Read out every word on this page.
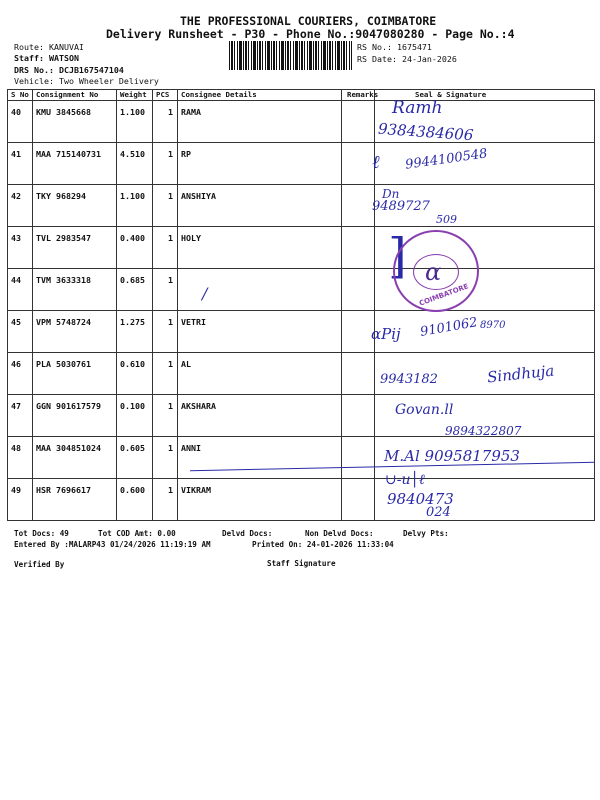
THE PROFESSIONAL COURIERS, COIMBATORE
Delivery Runsheet - P30 - Phone No.:9047080280 - Page No.:4
Route: KANUVAI
Staff: WATSON
DRS No.: DCJB167547104
Vehicle: Two Wheeler Delivery
RS No.: 1675471
RS Date: 24-Jan-2026
S No	Consignment No	Weight	PCS	Consignee Details	Remarks	Seal & Signature
40	KMU 3845668	1.100	1	RAMA		
41	MAA 715140731	4.510	1	RP		
42	TKY 968294	1.100	1	ANSHIYA		
43	TVL 2983547	0.400	1	HOLY		
44	TVM 3633318	0.685	1			
45	VPM 5748724	1.275	1	VETRI		
46	PLA 5030761	0.610	1	AL		
47	GGN 901617579	0.100	1	AKSHARA		
48	MAA 304851024	0.605	1	ANNI		
49	HSR 7696617	0.600	1	VIKRAM		
Ramh
9384384606
ℓ 9944100548
Dn
9489727
509
]
/
αPij 9101062 8970
9943182	Sindhuja
Govan.ll
9894322807
M.Al 9095817953
∪-u│ℓ
9840473
024
α
COIMBATORE
Tot Docs: 49	Tot COD Amt: 0.00	Delvd Docs:	Non Delvd Docs:	Delvy Pts:
Entered By :MALARP43 01/24/2026 11:19:19 AM	Printed On: 24-01-2026 11:33:04
Verified By	Staff Signature
